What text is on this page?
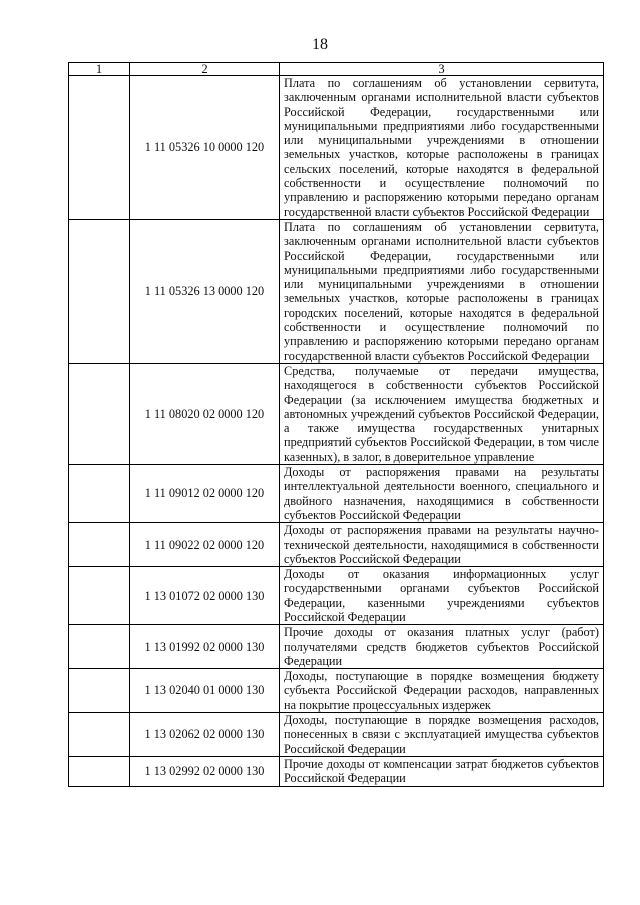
18
1	2	3
	1 11 05326 10 0000 120	Плата по соглашениям об установлении сервитута, заключенным органами исполнительной власти субъектов Российской Федерации, государственными или муниципальными предприятиями либо государственными или муниципальными учреждениями в отношении земельных участков, которые расположены в границах сельских поселений, которые находятся в федеральной собственности и осуществление полномочий по управлению и распоряжению которыми передано органам государственной власти субъектов Российской Федерации
	1 11 05326 13 0000 120	Плата по соглашениям об установлении сервитута, заключенным органами исполнительной власти субъектов Российской Федерации, государственными или муниципальными предприятиями либо государственными или муниципальными учреждениями в отношении земельных участков, которые расположены в границах городских поселений, которые находятся в федеральной собственности и осуществление полномочий по управлению и распоряжению которыми передано органам государственной власти субъектов Российской Федерации
	1 11 08020 02 0000 120	Средства, получаемые от передачи имущества, находящегося в собственности субъектов Российской Федерации (за исключением имущества бюджетных и автономных учреждений субъектов Российской Федерации, а также имущества государственных унитарных предприятий субъектов Российской Федерации, в том числе казенных), в залог, в доверительное управление
	1 11 09012 02 0000 120	Доходы от распоряжения правами на результаты интеллектуальной деятельности военного, специального и двойного назначения, находящимися в собственности субъектов Российской Федерации
	1 11 09022 02 0000 120	Доходы от распоряжения правами на результаты научно-технической деятельности, находящимися в собственности субъектов Российской Федерации
	1 13 01072 02 0000 130	Доходы от оказания информационных услуг государственными органами субъектов Российской Федерации, казенными учреждениями субъектов Российской Федерации
	1 13 01992 02 0000 130	Прочие доходы от оказания платных услуг (работ) получателями средств бюджетов субъектов Российской Федерации
	1 13 02040 01 0000 130	Доходы, поступающие в порядке возмещения бюджету субъекта Российской Федерации расходов, направленных на покрытие процессуальных издержек
	1 13 02062 02 0000 130	Доходы, поступающие в порядке возмещения расходов, понесенных в связи с эксплуатацией имущества субъектов Российской Федерации
	1 13 02992 02 0000 130	Прочие доходы от компенсации затрат бюджетов субъектов Российской Федерации
